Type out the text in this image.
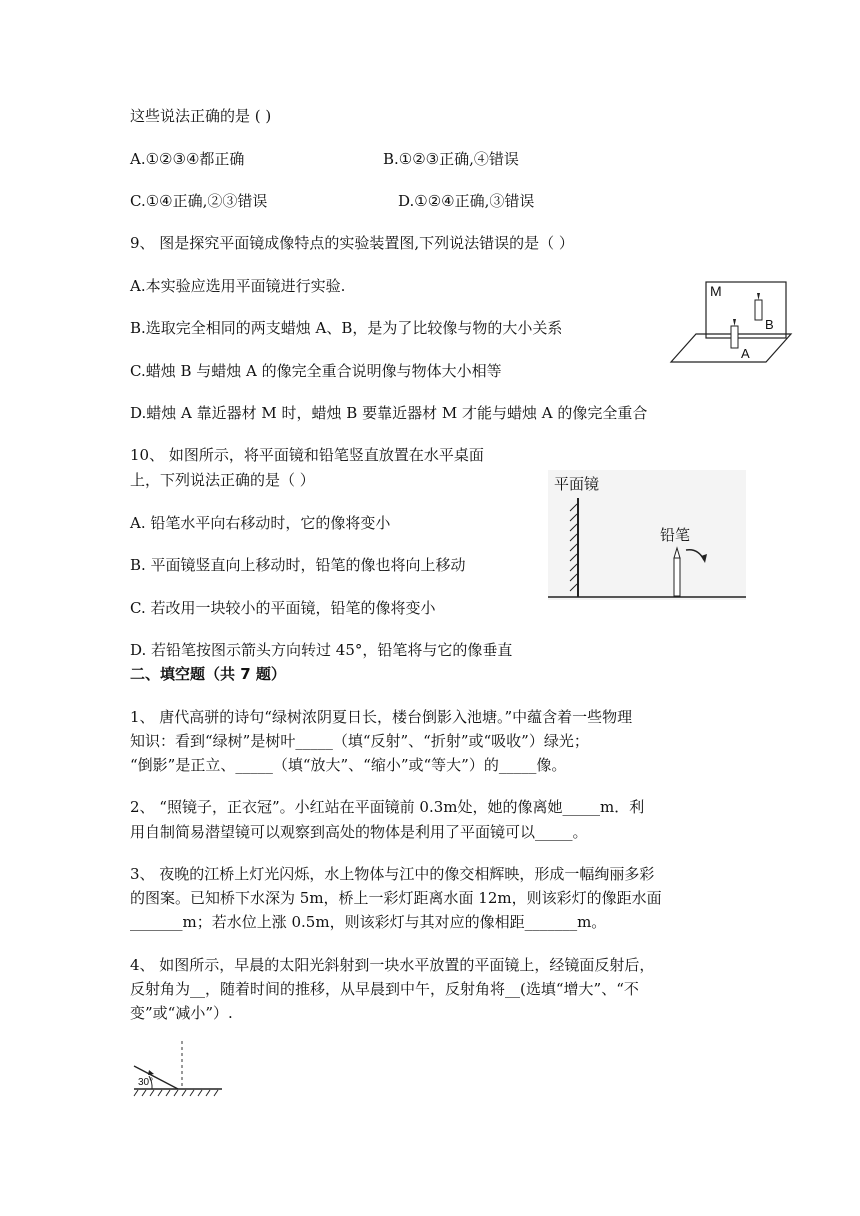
这些说法正确的是 ( )
A.①②③④都正确	B.①②③正确,④错误
C.①④正确,②③错误	D.①②④正确,③错误
9、 图是探究平面镜成像特点的实验装置图,下列说法错误的是（ ）
A.本实验应选用平面镜进行实验.
B.选取完全相同的两支蜡烛 A、B，是为了比较像与物的大小关系
C.蜡烛 B 与蜡烛 A 的像完全重合说明像与物体大小相等
D.蜡烛 A 靠近器材 M 时，蜡烛 B 要靠近器材 M 才能与蜡烛 A 的像完全重合
M
A
B
10、 如图所示，将平面镜和铅笔竖直放置在水平桌面
上，下列说法正确的是（ ）
A. 铅笔水平向右移动时，它的像将变小
B. 平面镜竖直向上移动时，铅笔的像也将向上移动
C. 若改用一块较小的平面镜，铅笔的像将变小
D. 若铅笔按图示箭头方向转过 45°，铅笔将与它的像垂直
平面镜
铅笔
二、填空题（共 7 题）
1、 唐代高骈的诗句“绿树浓阴夏日长，楼台倒影入池塘。”中蕴含着一些物理
知识：看到“绿树”是树叶_____（填“反射”、“折射”或“吸收”）绿光；
“倒影”是正立、_____（填“放大”、“缩小”或“等大”）的_____像。
2、 “照镜子，正衣冠”。小红站在平面镜前 0.3m处，她的像离她_____m．利
用自制简易潜望镜可以观察到高处的物体是利用了平面镜可以_____。
3、 夜晚的江桥上灯光闪烁，水上物体与江中的像交相辉映，形成一幅绚丽多彩
的图案。已知桥下水深为 5m，桥上一彩灯距离水面 12m，则该彩灯的像距水面
_______m；若水位上涨 0.5m，则该彩灯与其对应的像相距_______m。
4、 如图所示，早晨的太阳光斜射到一块水平放置的平面镜上，经镜面反射后，
反射角为__，随着时间的推移，从早晨到中午，反射角将__(选填“增大”、“不
变”或“减小”）.
30°
